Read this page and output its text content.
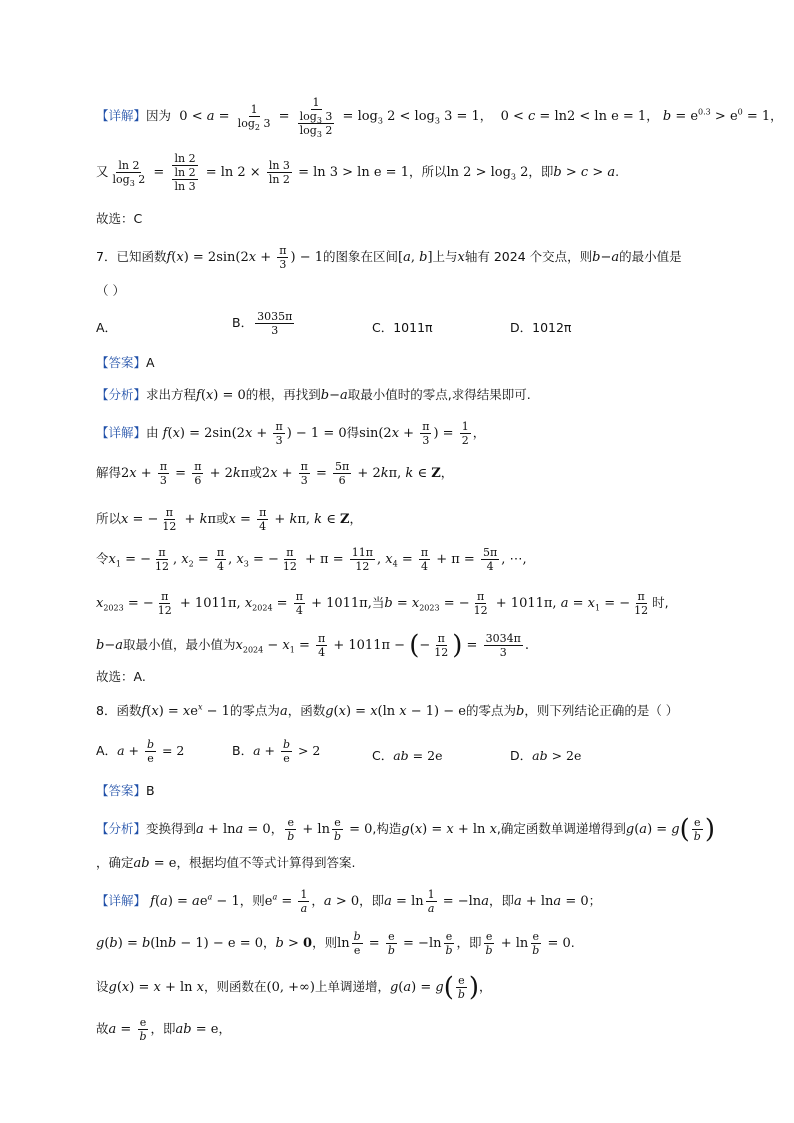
【详解】因为  $0 < a = \frac{1}{\log_2 3} = \frac{1}{\frac{\log_3 3}{\log_3 2}} = \log_3 2 < \log_3 3 = 1$，  0 < c = ln2 < ln e = 1， $b = e^{0.3} > e^0 = 1$，
又 $\frac{\ln 2}{\log_3 2} = \frac{\ln 2}{\frac{\ln 2}{\ln 3}} = \ln 2 \times \frac{\ln 3}{\ln 2} = \ln 3 > \ln e = 1$，所以$\ln 2 > \log_3 2$，即b > c > a.
故选：C
7．已知函数$f(x) = 2\sin(2x + \frac{\pi}{3}$ ) − 1的图象在区间[a, b]上与x轴有 2024 个交点，则b−a的最小值是
（ ）
A．	B． $\frac{3035\pi}{3}$	C．1011π	D．1012π
【答案】A
【分析】求出方程f(x) = 0的根，再找到b−a取最小值时的零点,求得结果即可.
【详解】由 $f(x) = 2\sin(2x + \frac{\pi}{3}$ ) − 1 = 0得$\sin(2x + \frac{\pi}{3}$ ) = $\frac{1}{2}$ ，
解得$2x + \frac{\pi}{3} = \frac{\pi}{6} + 2k\pi$或$2x + \frac{\pi}{3} = \frac{5\pi}{6} + 2k\pi$, k ∈ Z，
所以x = − $\frac{\pi}{12} + k\pi$或$x = \frac{\pi}{4} + k\pi$, k ∈ Z，
令$x_1$ = − $\frac{\pi}{12}$ , $x_2 = \frac{\pi}{4}$ , $x_3$ = − $\frac{\pi}{12} + \pi = \frac{11\pi}{12}$ , $x_4 = \frac{\pi}{4} + \pi = \frac{5\pi}{4}$ , ⋯,
$x_{2023}$ = − $\frac{\pi}{12} + 1011\pi$, $x_{2024} = \frac{\pi}{4} + 1011\pi$,当$b = x_{2023}$ = − $\frac{\pi}{12} + 1011\pi$, $a = x_1$ = − $\frac{\pi}{12}$ 时,
b−a取最小值，最小值为$x_{2024} - x_1 = \frac{\pi}{4} + 1011\pi$ − (− $\frac{\pi}{12}$ ) = $\frac{3034\pi}{3}$ .
故选：A.
8．函数$f(x) = xe^x - 1$的零点为a，函数g(x) = x(ln x − 1) − e的零点为b，则下列结论正确的是（ ）
A．$a + \frac{b}{e} = 2$	B．$a + \frac{b}{e} > 2$	C．ab = 2e	D．ab > 2e
【答案】B
【分析】变换得到a + lna = 0， $\frac{e}{b} + \ln \frac{e}{b} = 0$,构造g(x) = x + ln x,确定函数单调递增得到$g(a) = g( \frac{e}{b}$ )
，确定ab = e，根据均值不等式计算得到答案.
【详解】 $f(a) = ae^a - 1$，则$e^a = \frac{1}{a}$ ，a > 0，即$a = \ln \frac{1}{a} = -\ln a$，即a + lna = 0；
g(b) = b(lnb − 1) − e = 0，b > 0，则$\ln \frac{b}{e} = \frac{e}{b} = -\ln \frac{e}{b}$ ，即 $\frac{e}{b} + \ln \frac{e}{b} = 0$.
设g(x) = x + ln x，则函数在(0, +∞)上单调递增，$g(a) = g( \frac{e}{b}$ )，
故$a = \frac{e}{b}$ ，即ab = e，
